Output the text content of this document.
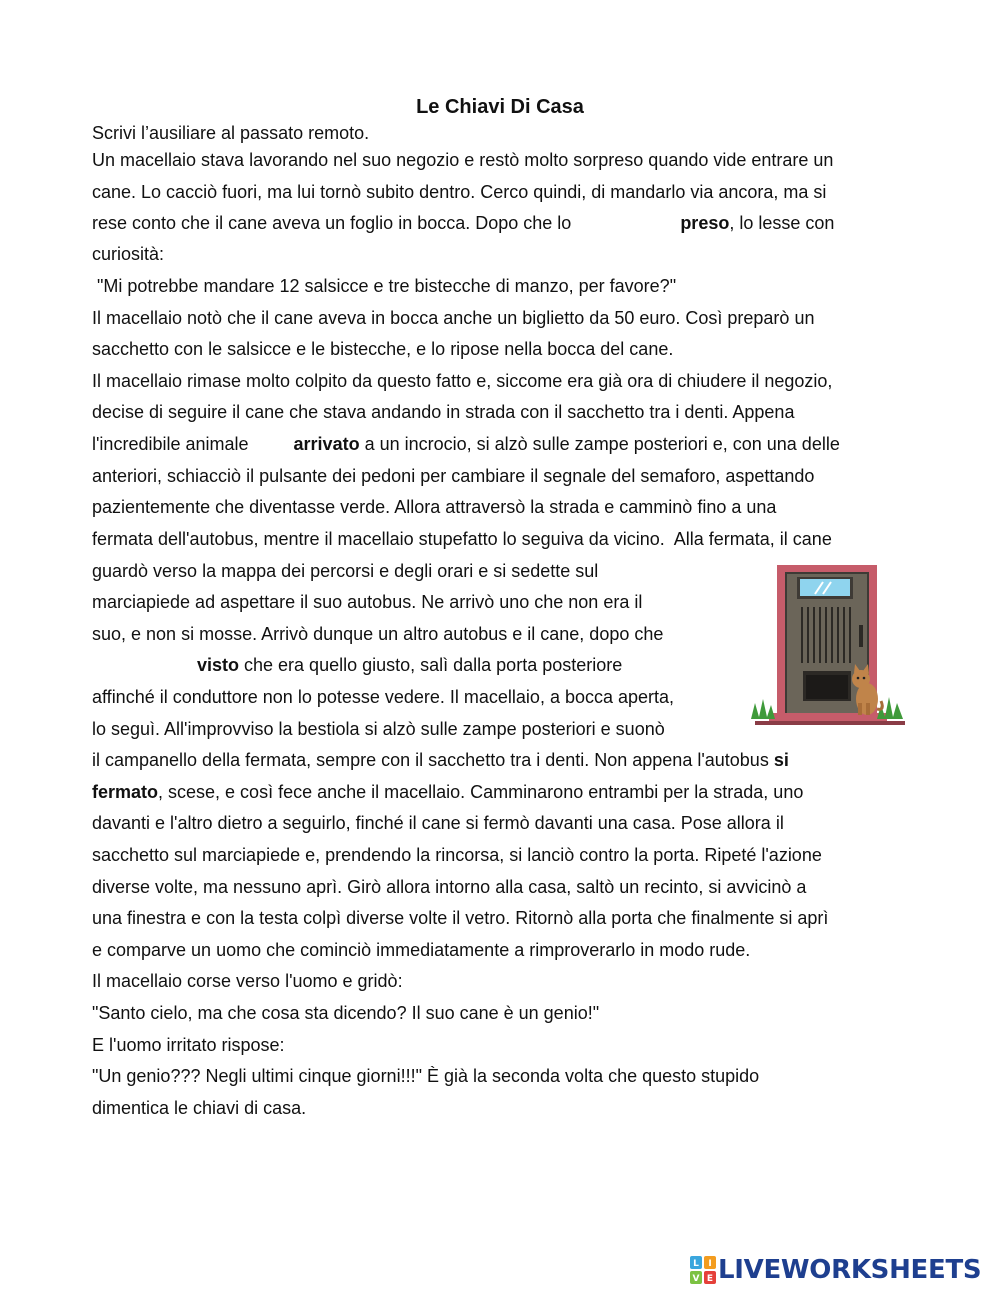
Le Chiavi Di Casa
Scrivi l’ausiliare al passato remoto.
Un macellaio stava lavorando nel suo negozio e restò molto sorpreso quando vide entrare un
cane. Lo cacciò fuori, ma lui tornò subito dentro. Cerco quindi, di mandarlo via ancora, ma si
rese conto che il cane aveva un foglio in bocca. Dopo che lo	preso, lo lesse con
curiosità:
"Mi potrebbe mandare 12 salsicce e tre bistecche di manzo, per favore?"
Il macellaio notò che il cane aveva in bocca anche un biglietto da 50 euro. Così preparò un
sacchetto con le salsicce e le bistecche, e lo ripose nella bocca del cane.
Il macellaio rimase molto colpito da questo fatto e, siccome era già ora di chiudere il negozio,
decise di seguire il cane che stava andando in strada con il sacchetto tra i denti. Appena
l'incredibile animale arrivato a un incrocio, si alzò sulle zampe posteriori e, con una delle
anteriori, schiacciò il pulsante dei pedoni per cambiare il segnale del semaforo, aspettando
pazientemente che diventasse verde. Allora attraversò la strada e camminò fino a una
fermata dell'autobus, mentre il macellaio stupefatto lo seguiva da vicino.  Alla fermata, il cane
guardò verso la mappa dei percorsi e degli orari e si sedette sul
marciapiede ad aspettare il suo autobus. Ne arrivò uno che non era il
suo, e non si mosse. Arrivò dunque un altro autobus e il cane, dopo che
visto che era quello giusto, salì dalla porta posteriore
affinché il conduttore non lo potesse vedere. Il macellaio, a bocca aperta,
lo seguì. All'improvviso la bestiola si alzò sulle zampe posteriori e suonò
il campanello della fermata, sempre con il sacchetto tra i denti. Non appena l'autobus si
fermato, scese, e così fece anche il macellaio. Camminarono entrambi per la strada, uno
davanti e l'altro dietro a seguirlo, finché il cane si fermò davanti una casa. Pose allora il
sacchetto sul marciapiede e, prendendo la rincorsa, si lanciò contro la porta. Ripeté l'azione
diverse volte, ma nessuno aprì. Girò allora intorno alla casa, saltò un recinto, si avvicinò a
una finestra e con la testa colpì diverse volte il vetro. Ritornò alla porta che finalmente si aprì
e comparve un uomo che cominciò immediatamente a rimproverarlo in modo rude.
Il macellaio corse verso l'uomo e gridò:
"Santo cielo, ma che cosa sta dicendo? Il suo cane è un genio!"
E l'uomo irritato rispose:
"Un genio??? Negli ultimi cinque giorni!!!" È già la seconda volta che questo stupido
dimentica le chiavi di casa.
L I
V E LIVEWORKSHEETS
